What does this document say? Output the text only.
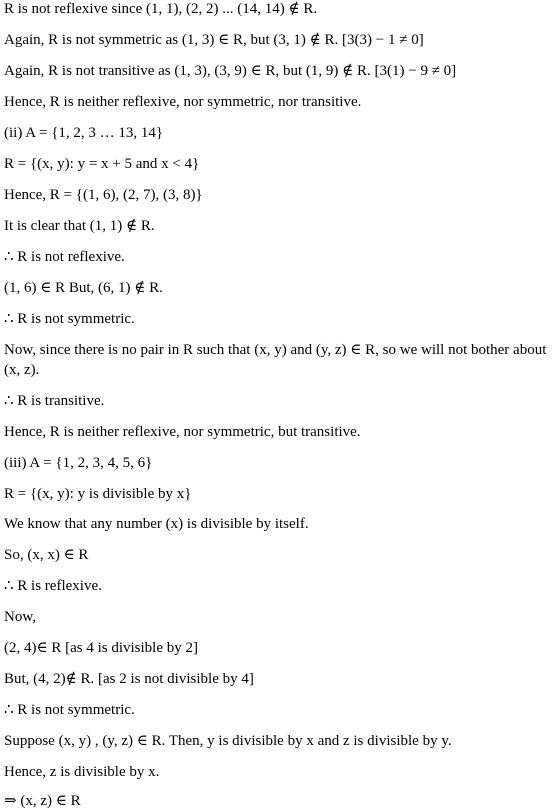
R is not reflexive since (1, 1), (2, 2) ... (14, 14) ∉ R.
Again, R is not symmetric as (1, 3) ∈ R, but (3, 1) ∉ R. [3(3) − 1 ≠ 0]
Again, R is not transitive as (1, 3), (3, 9) ∈ R, but (1, 9) ∉ R. [3(1) − 9 ≠ 0]
Hence, R is neither reflexive, nor symmetric, nor transitive.
(ii) A = {1, 2, 3 … 13, 14}
R = {(x, y): y = x + 5 and x < 4}
Hence, R = {(1, 6), (2, 7), (3, 8)}
It is clear that (1, 1) ∉ R.
∴ R is not reflexive.
(1, 6) ∈ R But, (6, 1) ∉ R.
∴ R is not symmetric.
Now, since there is no pair in R such that (x, y) and (y, z) ∈ R, so we will not bother about (x, z).
∴ R is transitive.
Hence, R is neither reflexive, nor symmetric, but transitive.
(iii) A = {1, 2, 3, 4, 5, 6}
R = {(x, y): y is divisible by x}
We know that any number (x) is divisible by itself.
So, (x, x) ∈ R
∴ R is reflexive.
Now,
(2, 4)∈ R [as 4 is divisible by 2]
But, (4, 2)∉ R. [as 2 is not divisible by 4]
∴ R is not symmetric.
Suppose (x, y) , (y, z) ∈ R. Then, y is divisible by x and z is divisible by y.
Hence, z is divisible by x.
⇒ (x, z) ∈ R
